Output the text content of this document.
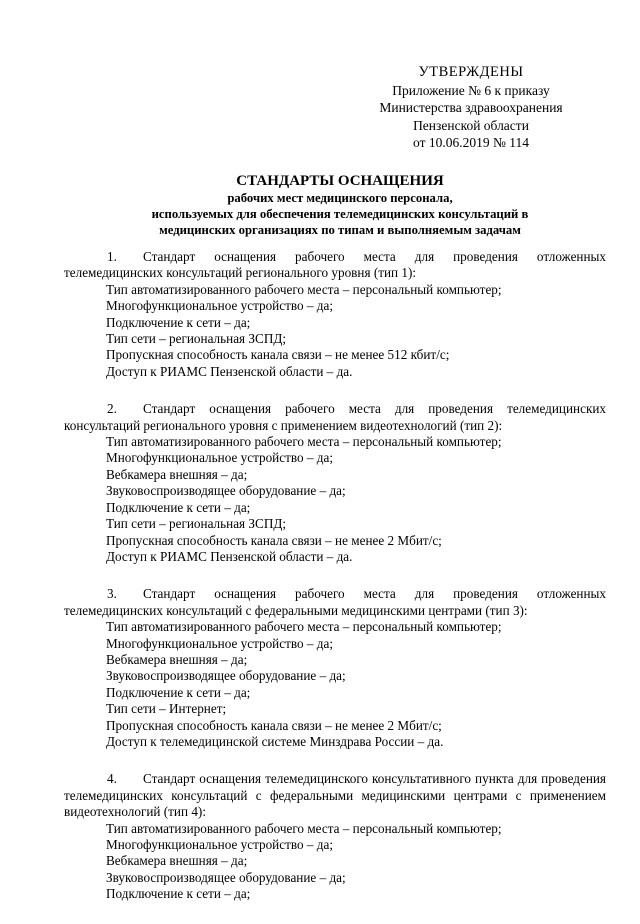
УТВЕРЖДЕНЫ
Приложение № 6 к приказу
Министерства здравоохранения
Пензенской области
от 10.06.2019 № 114
СТАНДАРТЫ ОСНАЩЕНИЯ
рабочих мест медицинского персонала,
используемых для обеспечения телемедицинских консультаций в
медицинских организациях по типам и выполняемым задачам

1. Стандарт оснащения рабочего места для проведения отложенных телемедицинских консультаций регионального уровня (тип 1):

Тип автоматизированного рабочего места – персональный компьютер;

Многофункциональное устройство – да;

Подключение к сети – да;

Тип сети – региональная ЗСПД;

Пропускная способность канала связи – не менее 512 кбит/с;

Доступ к РИАМС Пензенской области – да.

2. Стандарт оснащения рабочего места для проведения телемедицинских консультаций регионального уровня с применением видеотехнологий (тип 2):

Тип автоматизированного рабочего места – персональный компьютер;

Многофункциональное устройство – да;

Вебкамера внешняя – да;

Звуковоспроизводящее оборудование – да;

Подключение к сети – да;

Тип сети – региональная ЗСПД;

Пропускная способность канала связи – не менее 2 Мбит/с;

Доступ к РИАМС Пензенской области – да.

3. Стандарт оснащения рабочего места для проведения отложенных телемедицинских консультаций с федеральными медицинскими центрами (тип 3):

Тип автоматизированного рабочего места – персональный компьютер;

Многофункциональное устройство – да;

Вебкамера внешняя – да;

Звуковоспроизводящее оборудование – да;

Подключение к сети – да;

Тип сети – Интернет;

Пропускная способность канала связи – не менее 2 Мбит/с;

Доступ к телемедицинской системе Минздрава России – да.

4. Стандарт оснащения телемедицинского консультативного пункта для проведения телемедицинских консультаций с федеральными медицинскими центрами с применением видеотехнологий (тип 4):

Тип автоматизированного рабочего места – персональный компьютер;

Многофункциональное устройство – да;

Вебкамера внешняя – да;

Звуковоспроизводящее оборудование – да;

Подключение к сети – да;
